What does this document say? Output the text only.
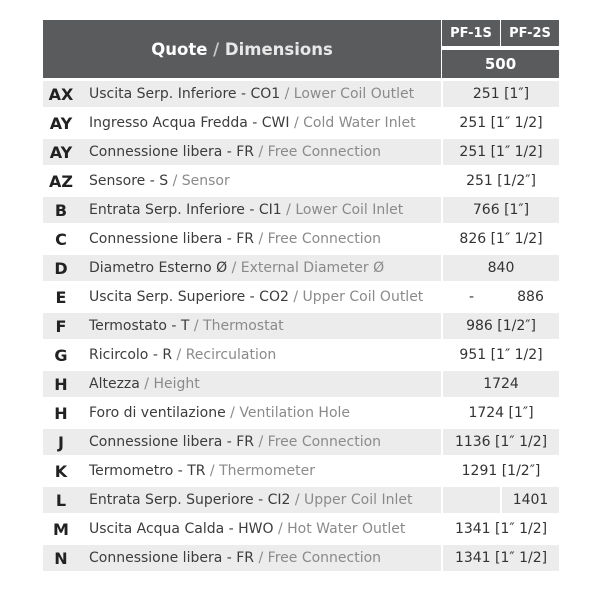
Quote / Dimensions		PF-1S	PF-2S
		500	
AX	Uscita Serp. Inferiore - CO1 / Lower Coil Outlet	251 [1″]	
AY	Ingresso Acqua Fredda - CWI / Cold Water Inlet	251 [1″ 1/2]	
AY	Connessione libera - FR / Free Connection	251 [1″ 1/2]	
AZ	Sensore - S / Sensor	251 [1/2″]	
B	Entrata Serp. Inferiore - CI1 / Lower Coil Inlet	766 [1″]	
C	Connessione libera - FR / Free Connection	826 [1″ 1/2]	
D	Diametro Esterno Ø / External Diameter Ø	840	
E	Uscita Serp. Superiore - CO2 / Upper Coil Outlet	-	886
F	Termostato - T / Thermostat	986 [1/2″]	
G	Ricircolo - R / Recirculation	951 [1″ 1/2]	
H	Altezza / Height	1724	
H	Foro di ventilazione / Ventilation Hole	1724 [1″]	
J	Connessione libera - FR / Free Connection	1136 [1″ 1/2]	
K	Termometro - TR / Thermometer	1291 [1/2″]	
L	Entrata Serp. Superiore - CI2 / Upper Coil Inlet		1401
M	Uscita Acqua Calda - HWO / Hot Water Outlet	1341 [1″ 1/2]	
N	Connessione libera - FR / Free Connection	1341 [1″ 1/2]	
